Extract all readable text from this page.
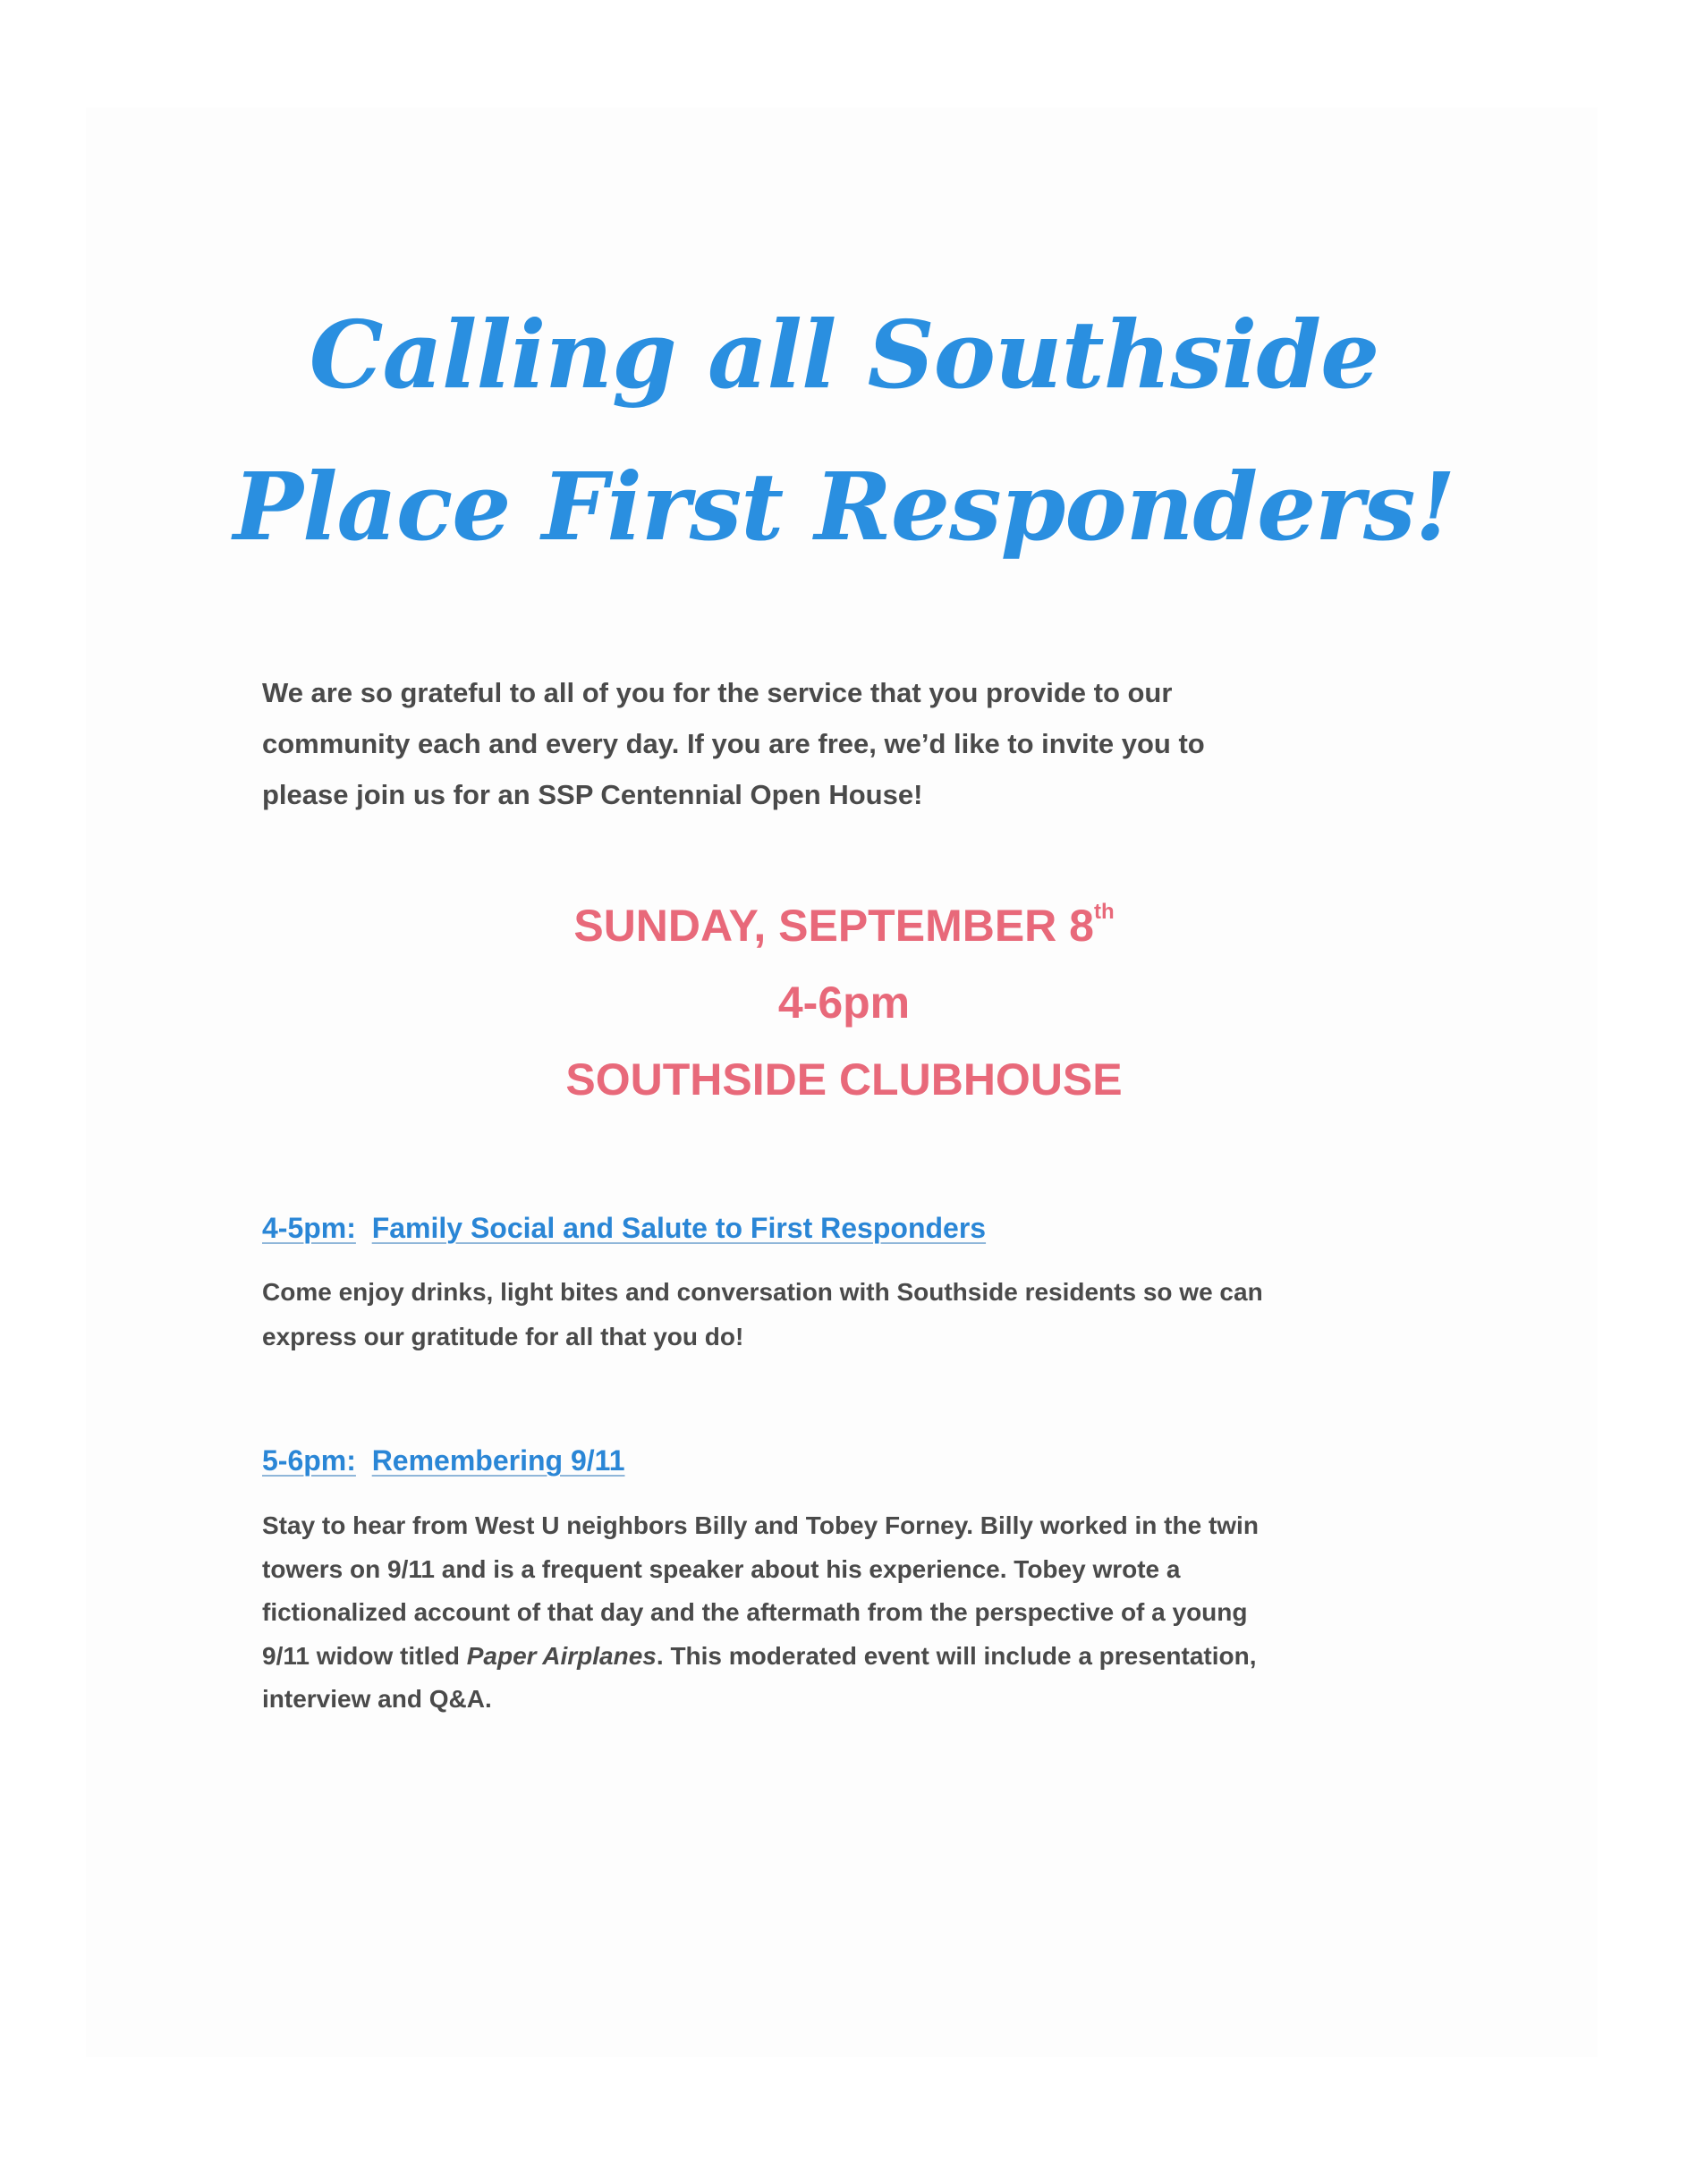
Calling all Southside
Place First Responders!

We are so grateful to all of you for the service that you provide to our

community each and every day. If you are free, we’d like to invite you to

please join us for an SSP Centennial Open House!

SUNDAY, SEPTEMBER 8th
4-6pm
SOUTHSIDE CLUBHOUSE
4-5pm: Family Social and Salute to First Responders

Come enjoy drinks, light bites and conversation with Southside residents so we can

express our gratitude for all that you do!

5-6pm: Remembering 9/11

Stay to hear from West U neighbors Billy and Tobey Forney. Billy worked in the twin

towers on 9/11 and is a frequent speaker about his experience. Tobey wrote a

fictionalized account of that day and the aftermath from the perspective of a young

9/11 widow titled Paper Airplanes. This moderated event will include a presentation,

interview and Q&A.
